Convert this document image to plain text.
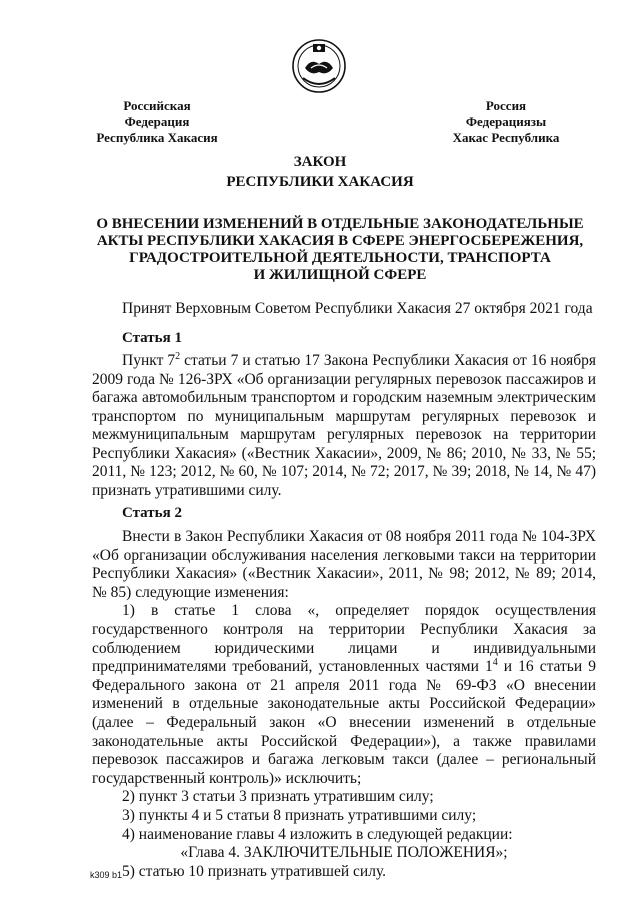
Российская Федерация
Республика Хакасия
Россия Федерациязы
Хакас Республика
ЗАКОН
РЕСПУБЛИКИ ХАКАСИЯ
О ВНЕСЕНИИ ИЗМЕНЕНИЙ В ОТДЕЛЬНЫЕ ЗАКОНОДАТЕЛЬНЫЕ
АКТЫ РЕСПУБЛИКИ ХАКАСИЯ В СФЕРЕ ЭНЕРГОСБЕРЕЖЕНИЯ,
ГРАДОСТРОИТЕЛЬНОЙ ДЕЯТЕЛЬНОСТИ, ТРАНСПОРТА
И ЖИЛИЩНОЙ СФЕРЕ
Принят Верховным Советом Республики Хакасия 27 октября 2021 года
Статья 1

Пункт $7^2$ статьи 7 и статью 17 Закона Республики Хакасия от 16 ноября 2009 года № 126-ЗРХ «Об организации регулярных перевозок пассажиров и багажа автомобильным транспортом и городским наземным электрическим транспортом по муниципальным маршрутам регулярных перевозок и межмуниципальным маршрутам регулярных перевозок на территории Республики Хакасия» («Вестник Хакасии», 2009, № 86; 2010, № 33, № 55; 2011, № 123; 2012, № 60, № 107; 2014, № 72; 2017, № 39; 2018, № 14, № 47) признать утратившими силу.

Статья 2

Внести в Закон Республики Хакасия от 08 ноября 2011 года № 104-ЗРХ «Об организации обслуживания населения легковыми такси на территории Республики Хакасия» («Вестник Хакасии», 2011, № 98; 2012, № 89; 2014, № 85) следующие изменения:

1) в статье 1 слова «, определяет порядок осуществления государственного контроля на территории Республики Хакасия за соблюдением юридическими лицами и индивидуальными предпринимателями требований, установленных частями $1^4$ и 16 статьи 9 Федерального закона от 21 апреля 2011 года № 69-ФЗ «О внесении изменений в отдельные законодательные акты Российской Федерации» (далее – Федеральный закон «О внесении изменений в отдельные законодательные акты Российской Федерации»), а также правилами перевозок пассажиров и багажа легковым такси (далее – региональный государственный контроль)» исключить;

2) пункт 3 статьи 3 признать утратившим силу;

3) пункты 4 и 5 статьи 8 признать утратившими силу;

4) наименование главы 4 изложить в следующей редакции:

«Глава 4. ЗАКЛЮЧИТЕЛЬНЫЕ ПОЛОЖЕНИЯ»;

5) статью 10 признать утратившей силу.

k309 b1
